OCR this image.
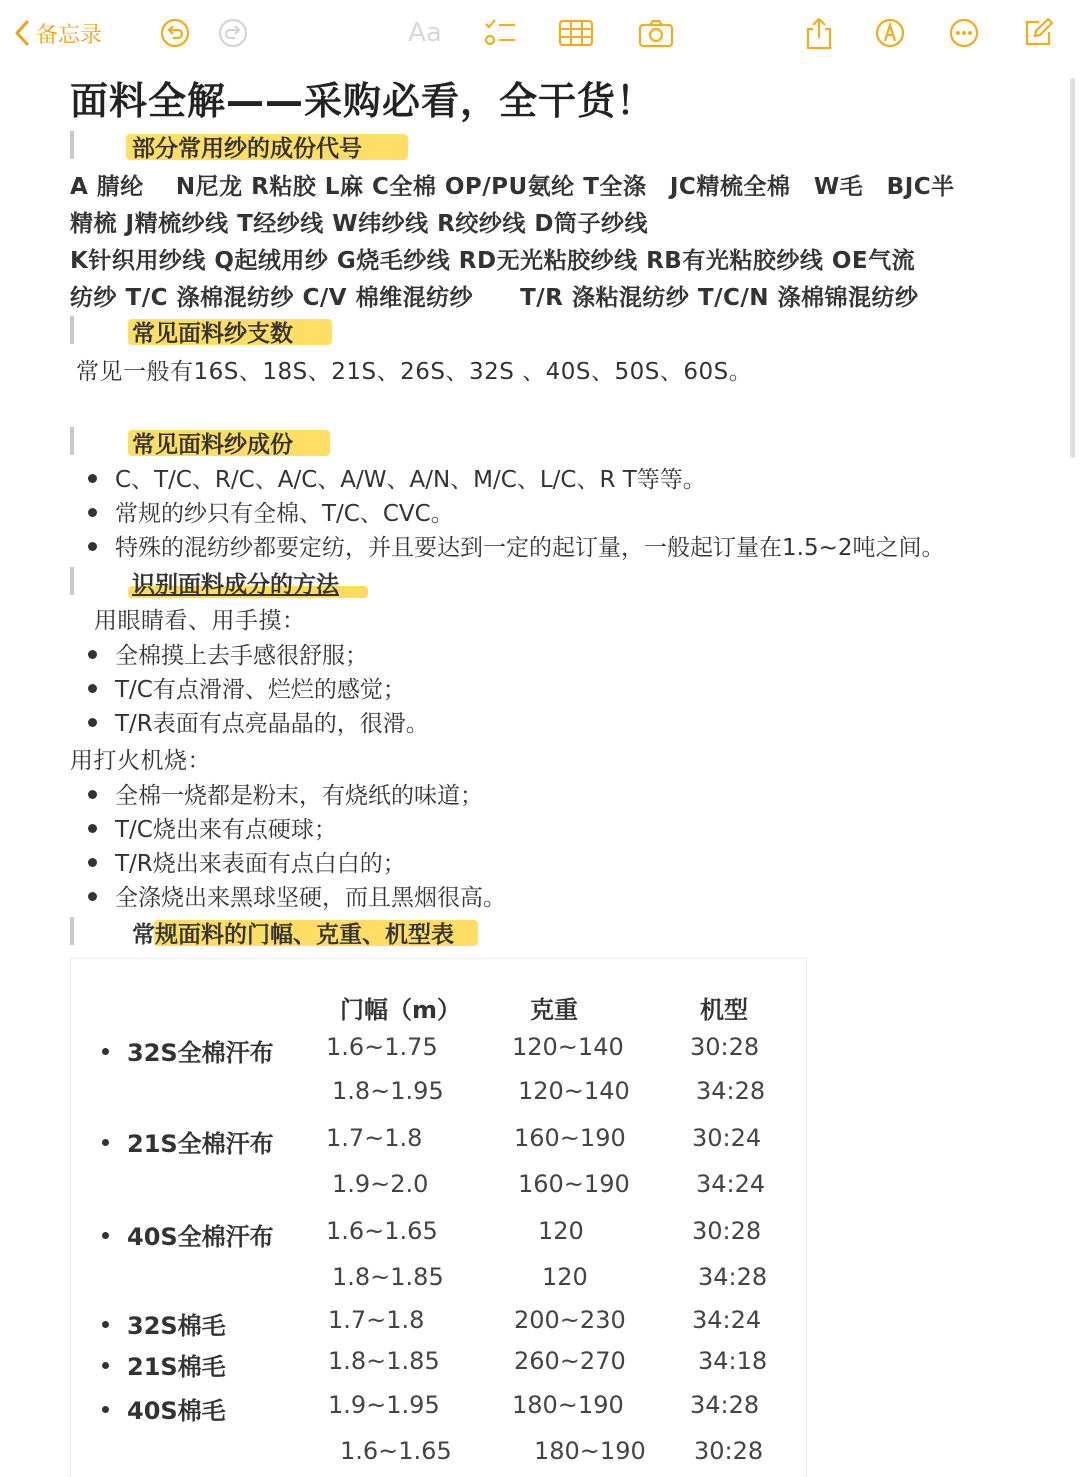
备忘录	Aa
面料全解——采购必看，全干货！
部分常用纱的成份代号
A 腈纶　 N尼龙 R粘胶 L麻 C全棉 OP/PU氨纶 T全涤　JC精梳全棉　W毛　BJC半
精梳 J精梳纱线 T经纱线 W纬纱线 R绞纱线 D筒子纱线
K针织用纱线 Q起绒用纱 G烧毛纱线 RD无光粘胶纱线 RB有光粘胶纱线 OE气流
纺纱 T/C 涤棉混纺纱 C/V 棉维混纺纱　　T/R 涤粘混纺纱 T/C/N 涤棉锦混纺纱
常见面料纱支数
常见一般有16S、18S、21S、26S、32S 、40S、50S、60S。
常见面料纱成份
C、T/C、R/C、A/C、A/W、A/N、M/C、L/C、R T等等。
常规的纱只有全棉、T/C、CVC。
特殊的混纺纱都要定纺，并且要达到一定的起订量，一般起订量在1.5~2吨之间。
识别面料成分的方法
用眼睛看、用手摸：
全棉摸上去手感很舒服；
T/C有点滑滑、烂烂的感觉；
T/R表面有点亮晶晶的，很滑。
用打火机烧：
全棉一烧都是粉末，有烧纸的味道；
T/C烧出来有点硬球；
T/R烧出来表面有点白白的；
全涤烧出来黑球坚硬，而且黑烟很高。
常规面料的门幅、克重、机型表
门幅（m）	克重	机型
32S全棉汗布 1.6~1.75	120~140	30:28
1.8~1.95	120~140	34:28
21S全棉汗布 1.7~1.8	160~190	30:24
1.9~2.0	160~190	34:24
40S全棉汗布 1.6~1.65	120	30:28
1.8~1.85	120	34:28
32S棉毛	1.7~1.8	200~230	34:24
21S棉毛	1.8~1.85	260~270	34:18
40S棉毛	1.9~1.95	180~190	34:28
1.6~1.65	180~190 30:28
